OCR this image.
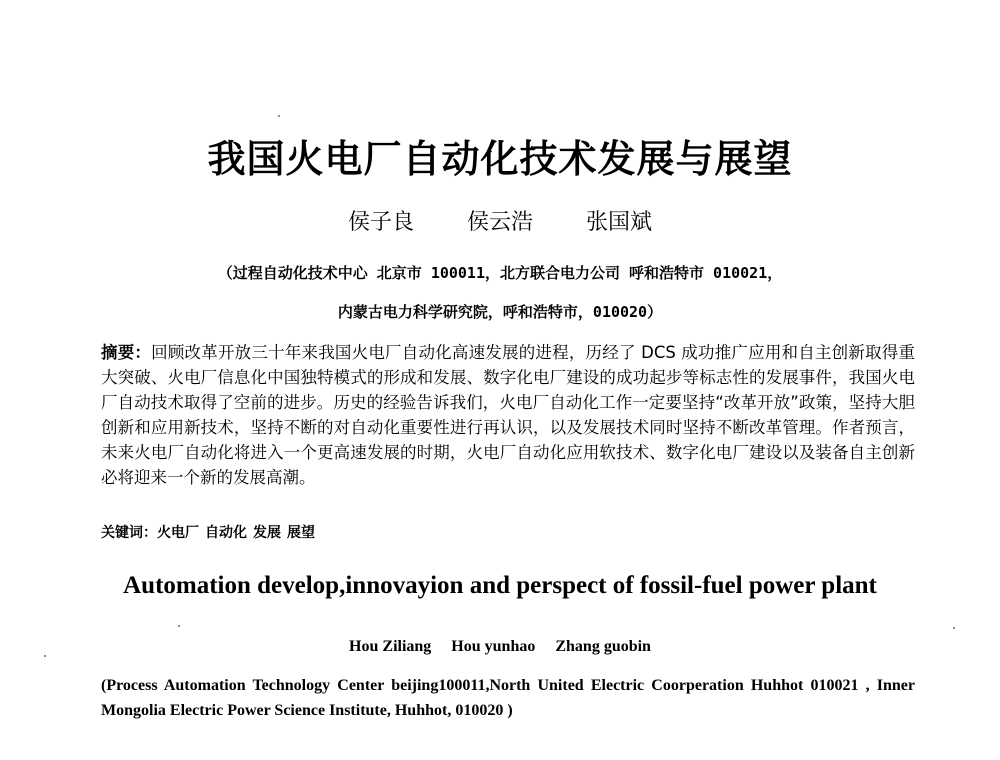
我国火电厂自动化技术发展与展望
侯子良 侯云浩 张国斌
（过程自动化技术中心 北京市 100011，北方联合电力公司 呼和浩特市 010021，
内蒙古电力科学研究院，呼和浩特市，010020）
摘要：回顾改革开放三十年来我国火电厂自动化高速发展的进程，历经了 DCS 成功推广应用和自主创新取得重大突破、火电厂信息化中国独特模式的形成和发展、数字化电厂建设的成功起步等标志性的发展事件，我国火电厂自动技术取得了空前的进步。历史的经验告诉我们，火电厂自动化工作一定要坚持“改革开放”政策，坚持大胆创新和应用新技术，坚持不断的对自动化重要性进行再认识，以及发展技术同时坚持不断改革管理。作者预言，未来火电厂自动化将进入一个更高速发展的时期，火电厂自动化应用软技术、数字化电厂建设以及装备自主创新必将迎来一个新的发展高潮。
关键词：火电厂 自动化 发展 展望
Automation develop,innovayion and perspect of fossil-fuel power plant
Hou Ziliang Hou yunhao Zhang guobin
(Process Automation Technology Center beijing100011,North United Electric Coorperation Huhhot 010021 , Inner Mongolia Electric Power Science Institute, Huhhot, 010020 )
